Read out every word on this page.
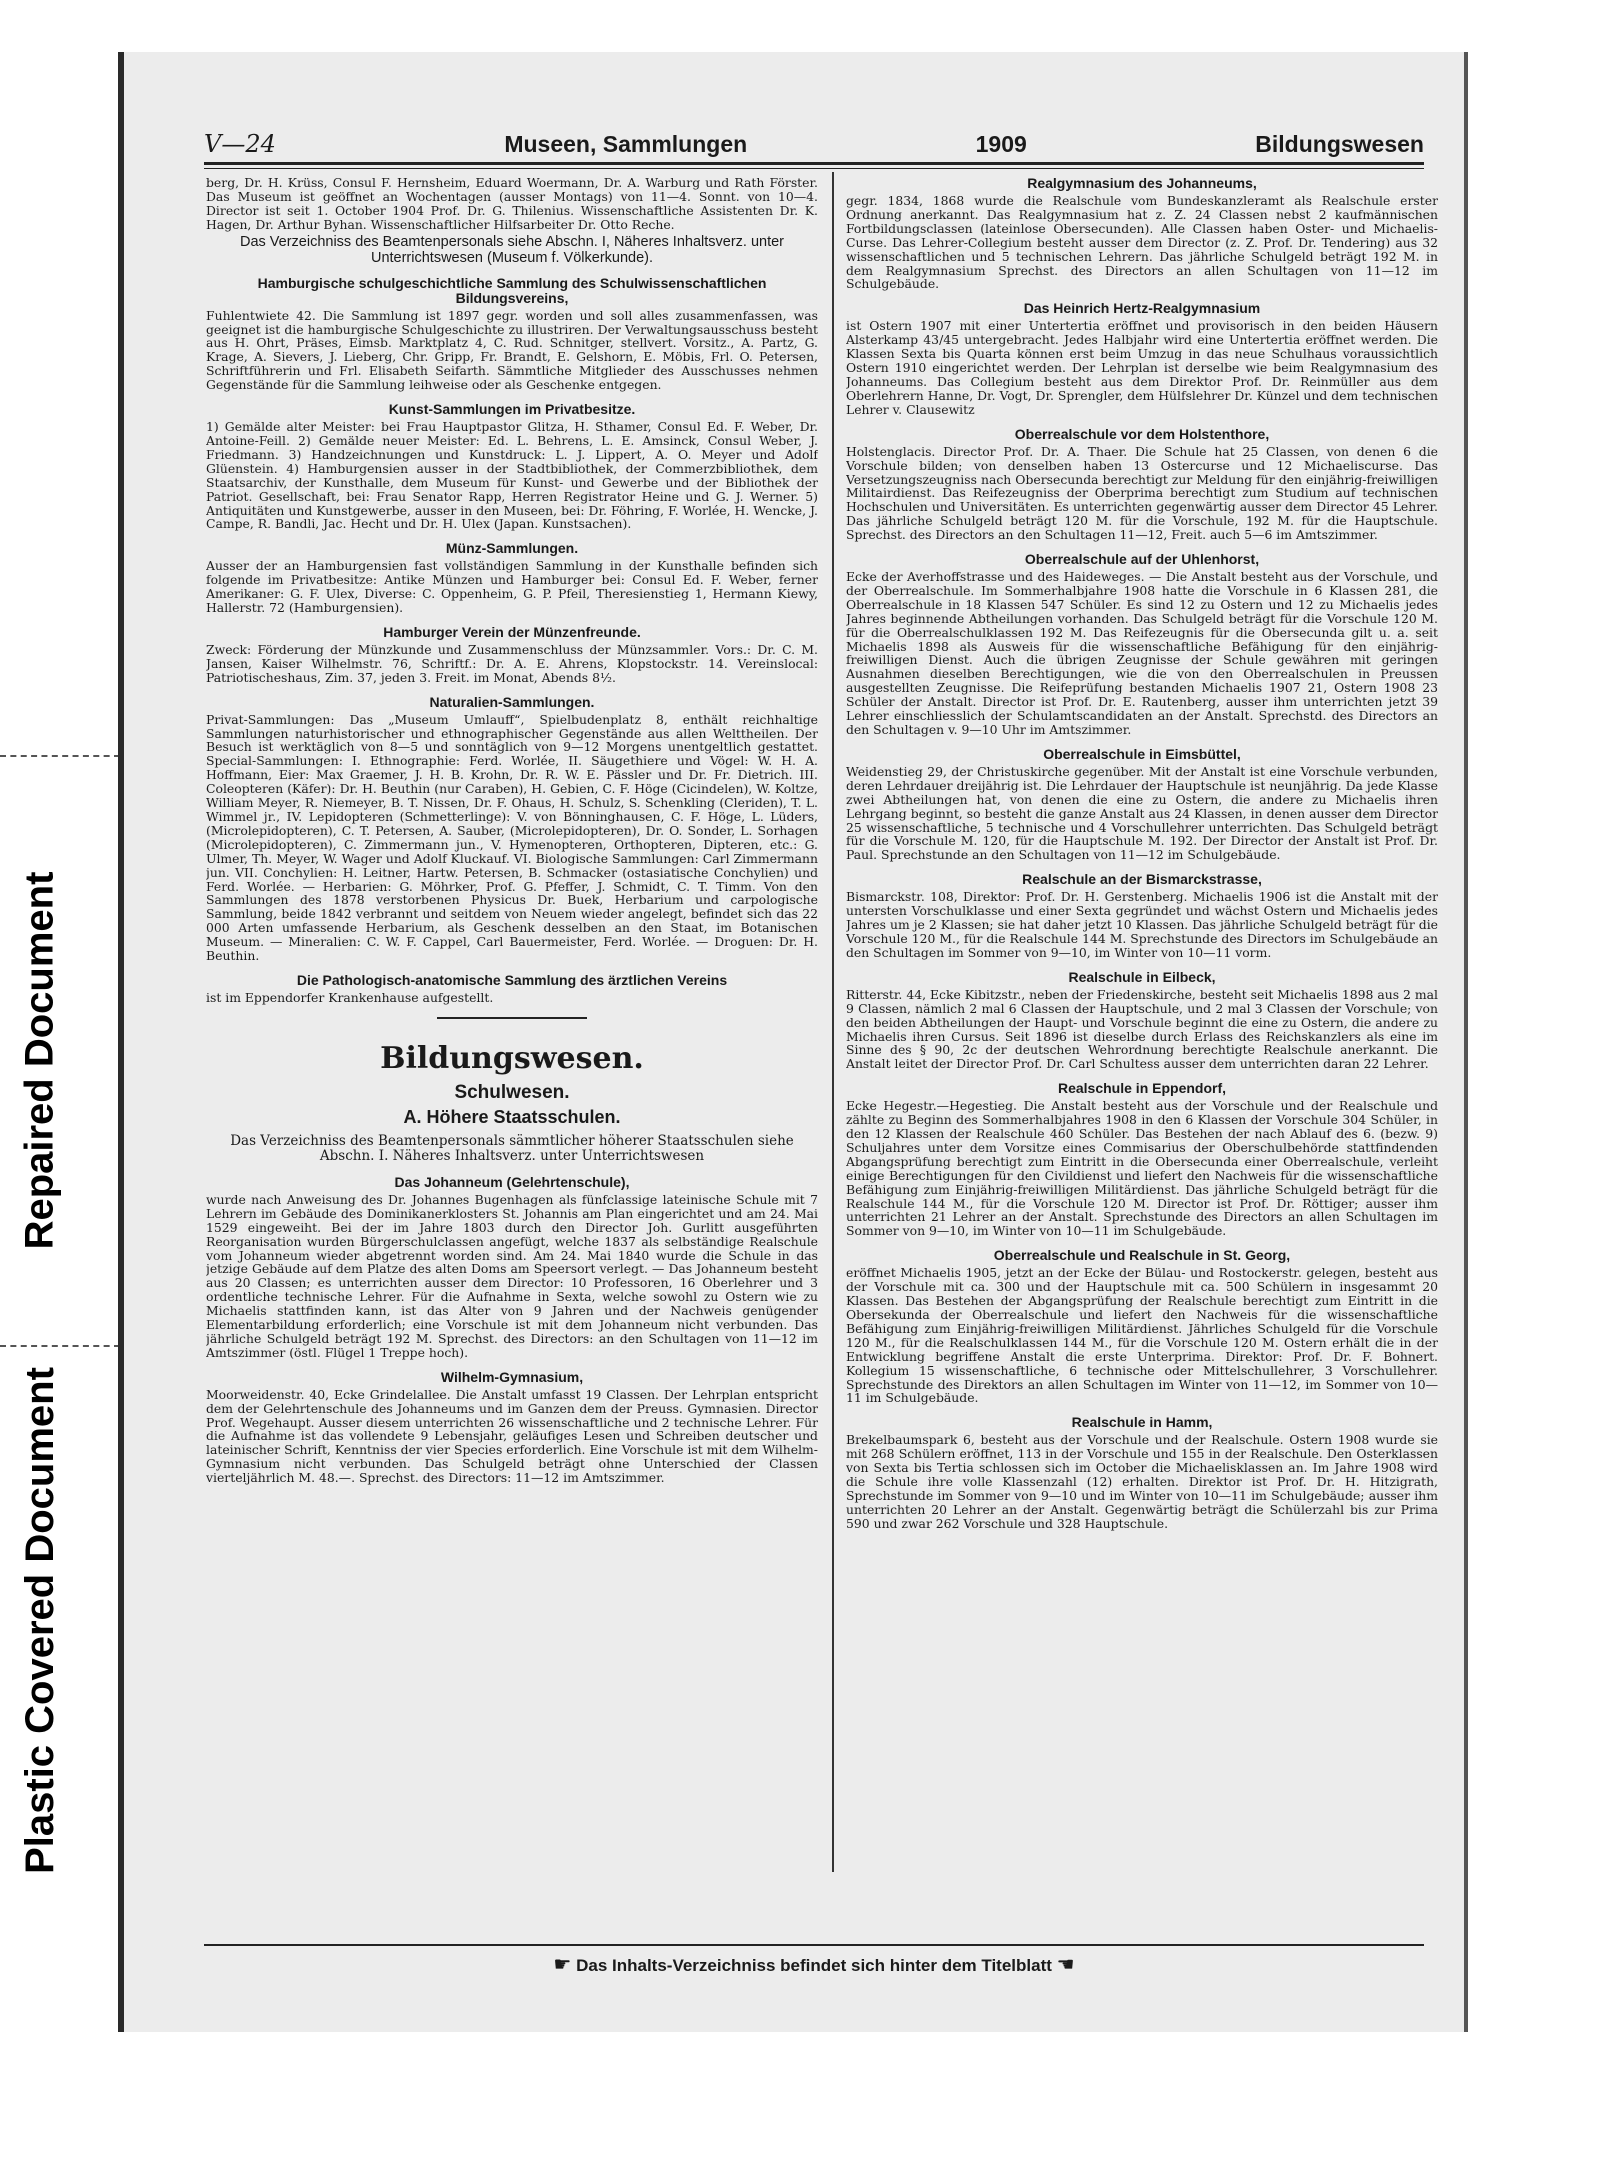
Plastic Covered Document
Repaired Document
V—24	Museen, Sammlungen	1909	Bildungswesen

berg, Dr. H. Krüss, Consul F. Hernsheim, Eduard Woermann, Dr. A. Warburg und Rath Förster. Das Museum ist geöffnet an Wochentagen (ausser Montags) von 11—4. Sonnt. von 10—4. Director ist seit 1. October 1904 Prof. Dr. G. Thilenius. Wissenschaftliche Assistenten Dr. K. Hagen, Dr. Arthur Byhan. Wissenschaftlicher Hilfsarbeiter Dr. Otto Reche.

Das Verzeichniss des Beamtenpersonals siehe Abschn. I, Näheres Inhaltsverz. unter Unterrichtswesen (Museum f. Völkerkunde).
Hamburgische schulgeschichtliche Sammlung des Schulwissenschaftlichen Bildungsvereins,

Fuhlentwiete 42. Die Sammlung ist 1897 gegr. worden und soll alles zusammenfassen, was geeignet ist die hamburgische Schulgeschichte zu illustriren. Der Verwaltungsausschuss besteht aus H. Ohrt, Präses, Eimsb. Marktplatz 4, C. Rud. Schnitger, stellvert. Vorsitz., A. Partz, G. Krage, A. Sievers, J. Lieberg, Chr. Gripp, Fr. Brandt, E. Gelshorn, E. Möbis, Frl. O. Petersen, Schriftführerin und Frl. Elisabeth Seifarth. Sämmtliche Mitglieder des Ausschusses nehmen Gegenstände für die Sammlung leihweise oder als Geschenke entgegen.

Kunst-Sammlungen im Privatbesitze.

1) Gemälde alter Meister: bei Frau Hauptpastor Glitza, H. Sthamer, Consul Ed. F. Weber, Dr. Antoine-Feill. 2) Gemälde neuer Meister: Ed. L. Behrens, L. E. Amsinck, Consul Weber, J. Friedmann. 3) Handzeichnungen und Kunstdruck: L. J. Lippert, A. O. Meyer und Adolf Glüenstein. 4) Hamburgensien ausser in der Stadtbibliothek, der Commerzbibliothek, dem Staatsarchiv, der Kunsthalle, dem Museum für Kunst- und Gewerbe und der Bibliothek der Patriot. Gesellschaft, bei: Frau Senator Rapp, Herren Registrator Heine und G. J. Werner. 5) Antiquitäten und Kunstgewerbe, ausser in den Museen, bei: Dr. Föhring, F. Worlée, H. Wencke, J. Campe, R. Bandli, Jac. Hecht und Dr. H. Ulex (Japan. Kunstsachen).

Münz-Sammlungen.

Ausser der an Hamburgensien fast vollständigen Sammlung in der Kunsthalle befinden sich folgende im Privatbesitze: Antike Münzen und Hamburger bei: Consul Ed. F. Weber, ferner Amerikaner: G. F. Ulex, Diverse: C. Oppenheim, G. P. Pfeil, Theresienstieg 1, Hermann Kiewy, Hallerstr. 72 (Hamburgensien).

Hamburger Verein der Münzenfreunde.

Zweck: Förderung der Münzkunde und Zusammenschluss der Münzsammler. Vors.: Dr. C. M. Jansen, Kaiser Wilhelmstr. 76, Schriftf.: Dr. A. E. Ahrens, Klopstockstr. 14. Vereinslocal: Patriotischeshaus, Zim. 37, jeden 3. Freit. im Monat, Abends 8½.

Naturalien-Sammlungen.

Privat-Sammlungen: Das „Museum Umlauff“, Spielbudenplatz 8, enthält reichhaltige Sammlungen naturhistorischer und ethnographischer Gegenstände aus allen Welttheilen. Der Besuch ist werktäglich von 8—5 und sonntäglich von 9—12 Morgens unentgeltlich gestattet. Special-Sammlungen: I. Ethnographie: Ferd. Worlée, II. Säugethiere und Vögel: W. H. A. Hoffmann, Eier: Max Graemer, J. H. B. Krohn, Dr. R. W. E. Pässler und Dr. Fr. Dietrich. III. Coleopteren (Käfer): Dr. H. Beuthin (nur Caraben), H. Gebien, C. F. Höge (Cicindelen), W. Koltze, William Meyer, R. Niemeyer, B. T. Nissen, Dr. F. Ohaus, H. Schulz, S. Schenkling (Cleriden), T. L. Wimmel jr., IV. Lepidopteren (Schmetterlinge): V. von Bönninghausen, C. F. Höge, L. Lüders, (Microlepidopteren), C. T. Petersen, A. Sauber, (Microlepidopteren), Dr. O. Sonder, L. Sorhagen (Microlepidopteren), C. Zimmermann jun., V. Hymenopteren, Orthopteren, Dipteren, etc.: G. Ulmer, Th. Meyer, W. Wager und Adolf Kluckauf. VI. Biologische Sammlungen: Carl Zimmermann jun. VII. Conchylien: H. Leitner, Hartw. Petersen, B. Schmacker (ostasiatische Conchylien) und Ferd. Worlée. — Herbarien: G. Möhrker, Prof. G. Pfeffer, J. Schmidt, C. T. Timm. Von den Sammlungen des 1878 verstorbenen Physicus Dr. Buek, Herbarium und carpologische Sammlung, beide 1842 verbrannt und seitdem von Neuem wieder angelegt, befindet sich das 22 000 Arten umfassende Herbarium, als Geschenk desselben an den Staat, im Botanischen Museum. — Mineralien: C. W. F. Cappel, Carl Bauermeister, Ferd. Worlée. — Droguen: Dr. H. Beuthin.

Die Pathologisch-anatomische Sammlung des ärztlichen Vereins

ist im Eppendorfer Krankenhause aufgestellt.

Bildungswesen.
Schulwesen.
A. Höhere Staatsschulen.
Das Verzeichniss des Beamtenpersonals sämmtlicher höherer Staatsschulen siehe Abschn. I. Näheres Inhaltsverz. unter Unterrichtswesen
Das Johanneum (Gelehrtenschule),

wurde nach Anweisung des Dr. Johannes Bugenhagen als fünfclassige lateinische Schule mit 7 Lehrern im Gebäude des Dominikanerklosters St. Johannis am Plan eingerichtet und am 24. Mai 1529 eingeweiht. Bei der im Jahre 1803 durch den Director Joh. Gurlitt ausgeführten Reorganisation wurden Bürgerschulclassen angefügt, welche 1837 als selbständige Realschule vom Johanneum wieder abgetrennt worden sind. Am 24. Mai 1840 wurde die Schule in das jetzige Gebäude auf dem Platze des alten Doms am Speersort verlegt. — Das Johanneum besteht aus 20 Classen; es unterrichten ausser dem Director: 10 Professoren, 16 Oberlehrer und 3 ordentliche technische Lehrer. Für die Aufnahme in Sexta, welche sowohl zu Ostern wie zu Michaelis stattfinden kann, ist das Alter von 9 Jahren und der Nachweis genügender Elementarbildung erforderlich; eine Vorschule ist mit dem Johanneum nicht verbunden. Das jährliche Schulgeld beträgt 192 M. Sprechst. des Directors: an den Schultagen von 11—12 im Amtszimmer (östl. Flügel 1 Treppe hoch).

Wilhelm-Gymnasium,

Moorweidenstr. 40, Ecke Grindelallee. Die Anstalt umfasst 19 Classen. Der Lehrplan entspricht dem der Gelehrtenschule des Johanneums und im Ganzen dem der Preuss. Gymnasien. Director Prof. Wegehaupt. Ausser diesem unterrichten 26 wissenschaftliche und 2 technische Lehrer. Für die Aufnahme ist das vollendete 9 Lebensjahr, geläufiges Lesen und Schreiben deutscher und lateinischer Schrift, Kenntniss der vier Species erforderlich. Eine Vorschule ist mit dem Wilhelm-Gymnasium nicht verbunden. Das Schulgeld beträgt ohne Unterschied der Classen vierteljährlich M. 48.—. Sprechst. des Directors: 11—12 im Amtszimmer.

Realgymnasium des Johanneums,

gegr. 1834, 1868 wurde die Realschule vom Bundeskanzleramt als Realschule erster Ordnung anerkannt. Das Realgymnasium hat z. Z. 24 Classen nebst 2 kaufmännischen Fortbildungsclassen (lateinlose Obersecunden). Alle Classen haben Oster- und Michaelis-Curse. Das Lehrer-Collegium besteht ausser dem Director (z. Z. Prof. Dr. Tendering) aus 32 wissenschaftlichen und 5 technischen Lehrern. Das jährliche Schulgeld beträgt 192 M. in dem Realgymnasium Sprechst. des Directors an allen Schultagen von 11—12 im Schulgebäude.

Das Heinrich Hertz-Realgymnasium

ist Ostern 1907 mit einer Untertertia eröffnet und provisorisch in den beiden Häusern Alsterkamp 43/45 untergebracht. Jedes Halbjahr wird eine Untertertia eröffnet werden. Die Klassen Sexta bis Quarta können erst beim Umzug in das neue Schulhaus voraussichtlich Ostern 1910 eingerichtet werden. Der Lehrplan ist derselbe wie beim Realgymnasium des Johanneums. Das Collegium besteht aus dem Direktor Prof. Dr. Reinmüller aus dem Oberlehrern Hanne, Dr. Vogt, Dr. Sprengler, dem Hülfslehrer Dr. Künzel und dem technischen Lehrer v. Clausewitz

Oberrealschule vor dem Holstenthore,

Holstenglacis. Director Prof. Dr. A. Thaer. Die Schule hat 25 Classen, von denen 6 die Vorschule bilden; von denselben haben 13 Ostercurse und 12 Michaeliscurse. Das Versetzungszeugniss nach Obersecunda berechtigt zur Meldung für den einjährig-freiwilligen Militairdienst. Das Reifezeugniss der Oberprima berechtigt zum Studium auf technischen Hochschulen und Universitäten. Es unterrichten gegenwärtig ausser dem Director 45 Lehrer. Das jährliche Schulgeld beträgt 120 M. für die Vorschule, 192 M. für die Hauptschule. Sprechst. des Directors an den Schultagen 11—12, Freit. auch 5—6 im Amtszimmer.

Oberrealschule auf der Uhlenhorst,

Ecke der Averhoffstrasse und des Haideweges. — Die Anstalt besteht aus der Vorschule, und der Oberrealschule. Im Sommerhalbjahre 1908 hatte die Vorschule in 6 Klassen 281, die Oberrealschule in 18 Klassen 547 Schüler. Es sind 12 zu Ostern und 12 zu Michaelis jedes Jahres beginnende Abtheilungen vorhanden. Das Schulgeld beträgt für die Vorschule 120 M. für die Oberrealschulklassen 192 M. Das Reifezeugnis für die Obersecunda gilt u. a. seit Michaelis 1898 als Ausweis für die wissenschaftliche Befähigung für den einjährig-freiwilligen Dienst. Auch die übrigen Zeugnisse der Schule gewähren mit geringen Ausnahmen dieselben Berechtigungen, wie die von den Oberrealschulen in Preussen ausgestellten Zeugnisse. Die Reifeprüfung bestanden Michaelis 1907 21, Ostern 1908 23 Schüler der Anstalt. Director ist Prof. Dr. E. Rautenberg, ausser ihm unterrichten jetzt 39 Lehrer einschliesslich der Schulamtscandidaten an der Anstalt. Sprechstd. des Directors an den Schultagen v. 9—10 Uhr im Amtszimmer.

Oberrealschule in Eimsbüttel,

Weidenstieg 29, der Christuskirche gegenüber. Mit der Anstalt ist eine Vorschule verbunden, deren Lehrdauer dreijährig ist. Die Lehrdauer der Hauptschule ist neunjährig. Da jede Klasse zwei Abtheilungen hat, von denen die eine zu Ostern, die andere zu Michaelis ihren Lehrgang beginnt, so besteht die ganze Anstalt aus 24 Klassen, in denen ausser dem Director 25 wissenschaftliche, 5 technische und 4 Vorschullehrer unterrichten. Das Schulgeld beträgt für die Vorschule M. 120, für die Hauptschule M. 192. Der Director der Anstalt ist Prof. Dr. Paul. Sprechstunde an den Schultagen von 11—12 im Schulgebäude.

Realschule an der Bismarckstrasse,

Bismarckstr. 108, Direktor: Prof. Dr. H. Gerstenberg. Michaelis 1906 ist die Anstalt mit der untersten Vorschulklasse und einer Sexta gegründet und wächst Ostern und Michaelis jedes Jahres um je 2 Klassen; sie hat daher jetzt 10 Klassen. Das jährliche Schulgeld beträgt für die Vorschule 120 M., für die Realschule 144 M. Sprechstunde des Directors im Schulgebäude an den Schultagen im Sommer von 9—10, im Winter von 10—11 vorm.

Realschule in Eilbeck,

Ritterstr. 44, Ecke Kibitzstr., neben der Friedenskirche, besteht seit Michaelis 1898 aus 2 mal 9 Classen, nämlich 2 mal 6 Classen der Hauptschule, und 2 mal 3 Classen der Vorschule; von den beiden Abtheilungen der Haupt- und Vorschule beginnt die eine zu Ostern, die andere zu Michaelis ihren Cursus. Seit 1896 ist dieselbe durch Erlass des Reichskanzlers als eine im Sinne des § 90, 2c der deutschen Wehrordnung berechtigte Realschule anerkannt. Die Anstalt leitet der Director Prof. Dr. Carl Schultess ausser dem unterrichten daran 22 Lehrer.

Realschule in Eppendorf,

Ecke Hegestr.—Hegestieg. Die Anstalt besteht aus der Vorschule und der Realschule und zählte zu Beginn des Sommerhalbjahres 1908 in den 6 Klassen der Vorschule 304 Schüler, in den 12 Klassen der Realschule 460 Schüler. Das Bestehen der nach Ablauf des 6. (bezw. 9) Schuljahres unter dem Vorsitze eines Commisarius der Oberschulbehörde stattfindenden Abgangsprüfung berechtigt zum Eintritt in die Obersecunda einer Oberrealschule, verleiht einige Berechtigungen für den Civildienst und liefert den Nachweis für die wissenschaftliche Befähigung zum Einjährig-freiwilligen Militärdienst. Das jährliche Schulgeld beträgt für die Realschule 144 M., für die Vorschule 120 M. Director ist Prof. Dr. Röttiger; ausser ihm unterrichten 21 Lehrer an der Anstalt. Sprechstunde des Directors an allen Schultagen im Sommer von 9—10, im Winter von 10—11 im Schulgebäude.

Oberrealschule und Realschule in St. Georg,

eröffnet Michaelis 1905, jetzt an der Ecke der Bülau- und Rostockerstr. gelegen, besteht aus der Vorschule mit ca. 300 und der Hauptschule mit ca. 500 Schülern in insgesammt 20 Klassen. Das Bestehen der Abgangsprüfung der Realschule berechtigt zum Eintritt in die Obersekunda der Oberrealschule und liefert den Nachweis für die wissenschaftliche Befähigung zum Einjährig-freiwilligen Militärdienst. Jährliches Schulgeld für die Vorschule 120 M., für die Realschulklassen 144 M., für die Vorschule 120 M. Ostern erhält die in der Entwicklung begriffene Anstalt die erste Unterprima. Direktor: Prof. Dr. F. Bohnert. Kollegium 15 wissenschaftliche, 6 technische oder Mittelschullehrer, 3 Vorschullehrer. Sprechstunde des Direktors an allen Schultagen im Winter von 11—12, im Sommer von 10—11 im Schulgebäude.

Realschule in Hamm,

Brekelbaumspark 6, besteht aus der Vorschule und der Realschule. Ostern 1908 wurde sie mit 268 Schülern eröffnet, 113 in der Vorschule und 155 in der Realschule. Den Osterklassen von Sexta bis Tertia schlossen sich im October die Michaelisklassen an. Im Jahre 1908 wird die Schule ihre volle Klassenzahl (12) erhalten. Direktor ist Prof. Dr. H. Hitzigrath, Sprechstunde im Sommer von 9—10 und im Winter von 10—11 im Schulgebäude; ausser ihm unterrichten 20 Lehrer an der Anstalt. Gegenwärtig beträgt die Schülerzahl bis zur Prima 590 und zwar 262 Vorschule und 328 Hauptschule.

☛ Das Inhalts-Verzeichniss befindet sich hinter dem Titelblatt ☚
